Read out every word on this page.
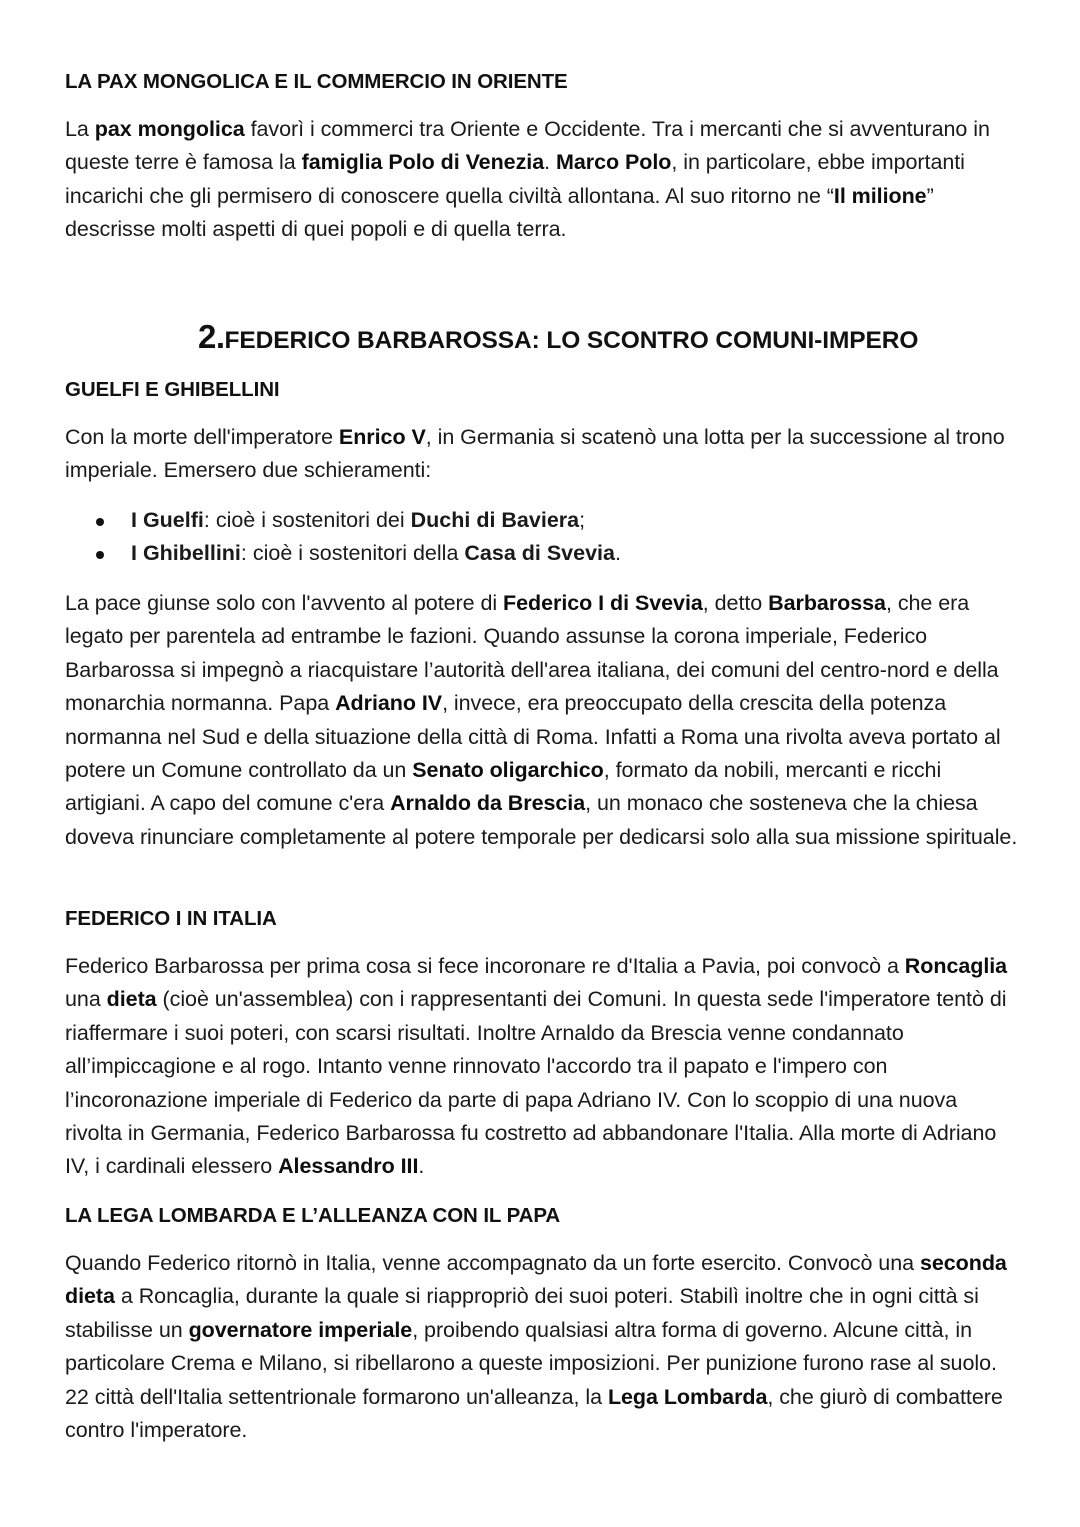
LA PAX MONGOLICA E IL COMMERCIO IN ORIENTE

La pax mongolica favorì i commerci tra Oriente e Occidente. Tra i mercanti che si avventurano in queste terre è famosa la famiglia Polo di Venezia. Marco Polo, in particolare, ebbe importanti incarichi che gli permisero di conoscere quella civiltà allontana. Al suo ritorno ne “Il milione” descrisse molti aspetti di quei popoli e di quella terra.

2.FEDERICO BARBAROSSA: LO SCONTRO COMUNI-IMPERO
GUELFI E GHIBELLINI

Con la morte dell'imperatore Enrico V, in Germania si scatenò una lotta per la successione al trono imperiale. Emersero due schieramenti:

I Guelfi: cioè i sostenitori dei Duchi di Baviera;
I Ghibellini: cioè i sostenitori della Casa di Svevia.

La pace giunse solo con l'avvento al potere di Federico I di Svevia, detto Barbarossa, che era legato per parentela ad entrambe le fazioni. Quando assunse la corona imperiale, Federico Barbarossa si impegnò a riacquistare l’autorità dell'area italiana, dei comuni del centro-nord e della monarchia normanna. Papa Adriano IV, invece, era preoccupato della crescita della potenza normanna nel Sud e della situazione della città di Roma. Infatti a Roma una rivolta aveva portato al potere un Comune controllato da un Senato oligarchico, formato da nobili, mercanti e ricchi artigiani. A capo del comune c'era Arnaldo da Brescia, un monaco che sosteneva che la chiesa doveva rinunciare completamente al potere temporale per dedicarsi solo alla sua missione spirituale.

FEDERICO I IN ITALIA

Federico Barbarossa per prima cosa si fece incoronare re d'Italia a Pavia, poi convocò a Roncaglia una dieta (cioè un'assemblea) con i rappresentanti dei Comuni. In questa sede l'imperatore tentò di riaffermare i suoi poteri, con scarsi risultati. Inoltre Arnaldo da Brescia venne condannato all’impiccagione e al rogo. Intanto venne rinnovato l'accordo tra il papato e l'impero con l’incoronazione imperiale di Federico da parte di papa Adriano IV. Con lo scoppio di una nuova rivolta in Germania, Federico Barbarossa fu costretto ad abbandonare l'Italia. Alla morte di Adriano IV, i cardinali elessero Alessandro III.

LA LEGA LOMBARDA E L’ALLEANZA CON IL PAPA

Quando Federico ritornò in Italia, venne accompagnato da un forte esercito. Convocò una seconda dieta a Roncaglia, durante la quale si riappropriò dei suoi poteri. Stabilì inoltre che in ogni città si stabilisse un governatore imperiale, proibendo qualsiasi altra forma di governo. Alcune città, in particolare Crema e Milano, si ribellarono a queste imposizioni. Per punizione furono rase al suolo. 22 città dell'Italia settentrionale formarono un'alleanza, la Lega Lombarda, che giurò di combattere contro l'imperatore.
